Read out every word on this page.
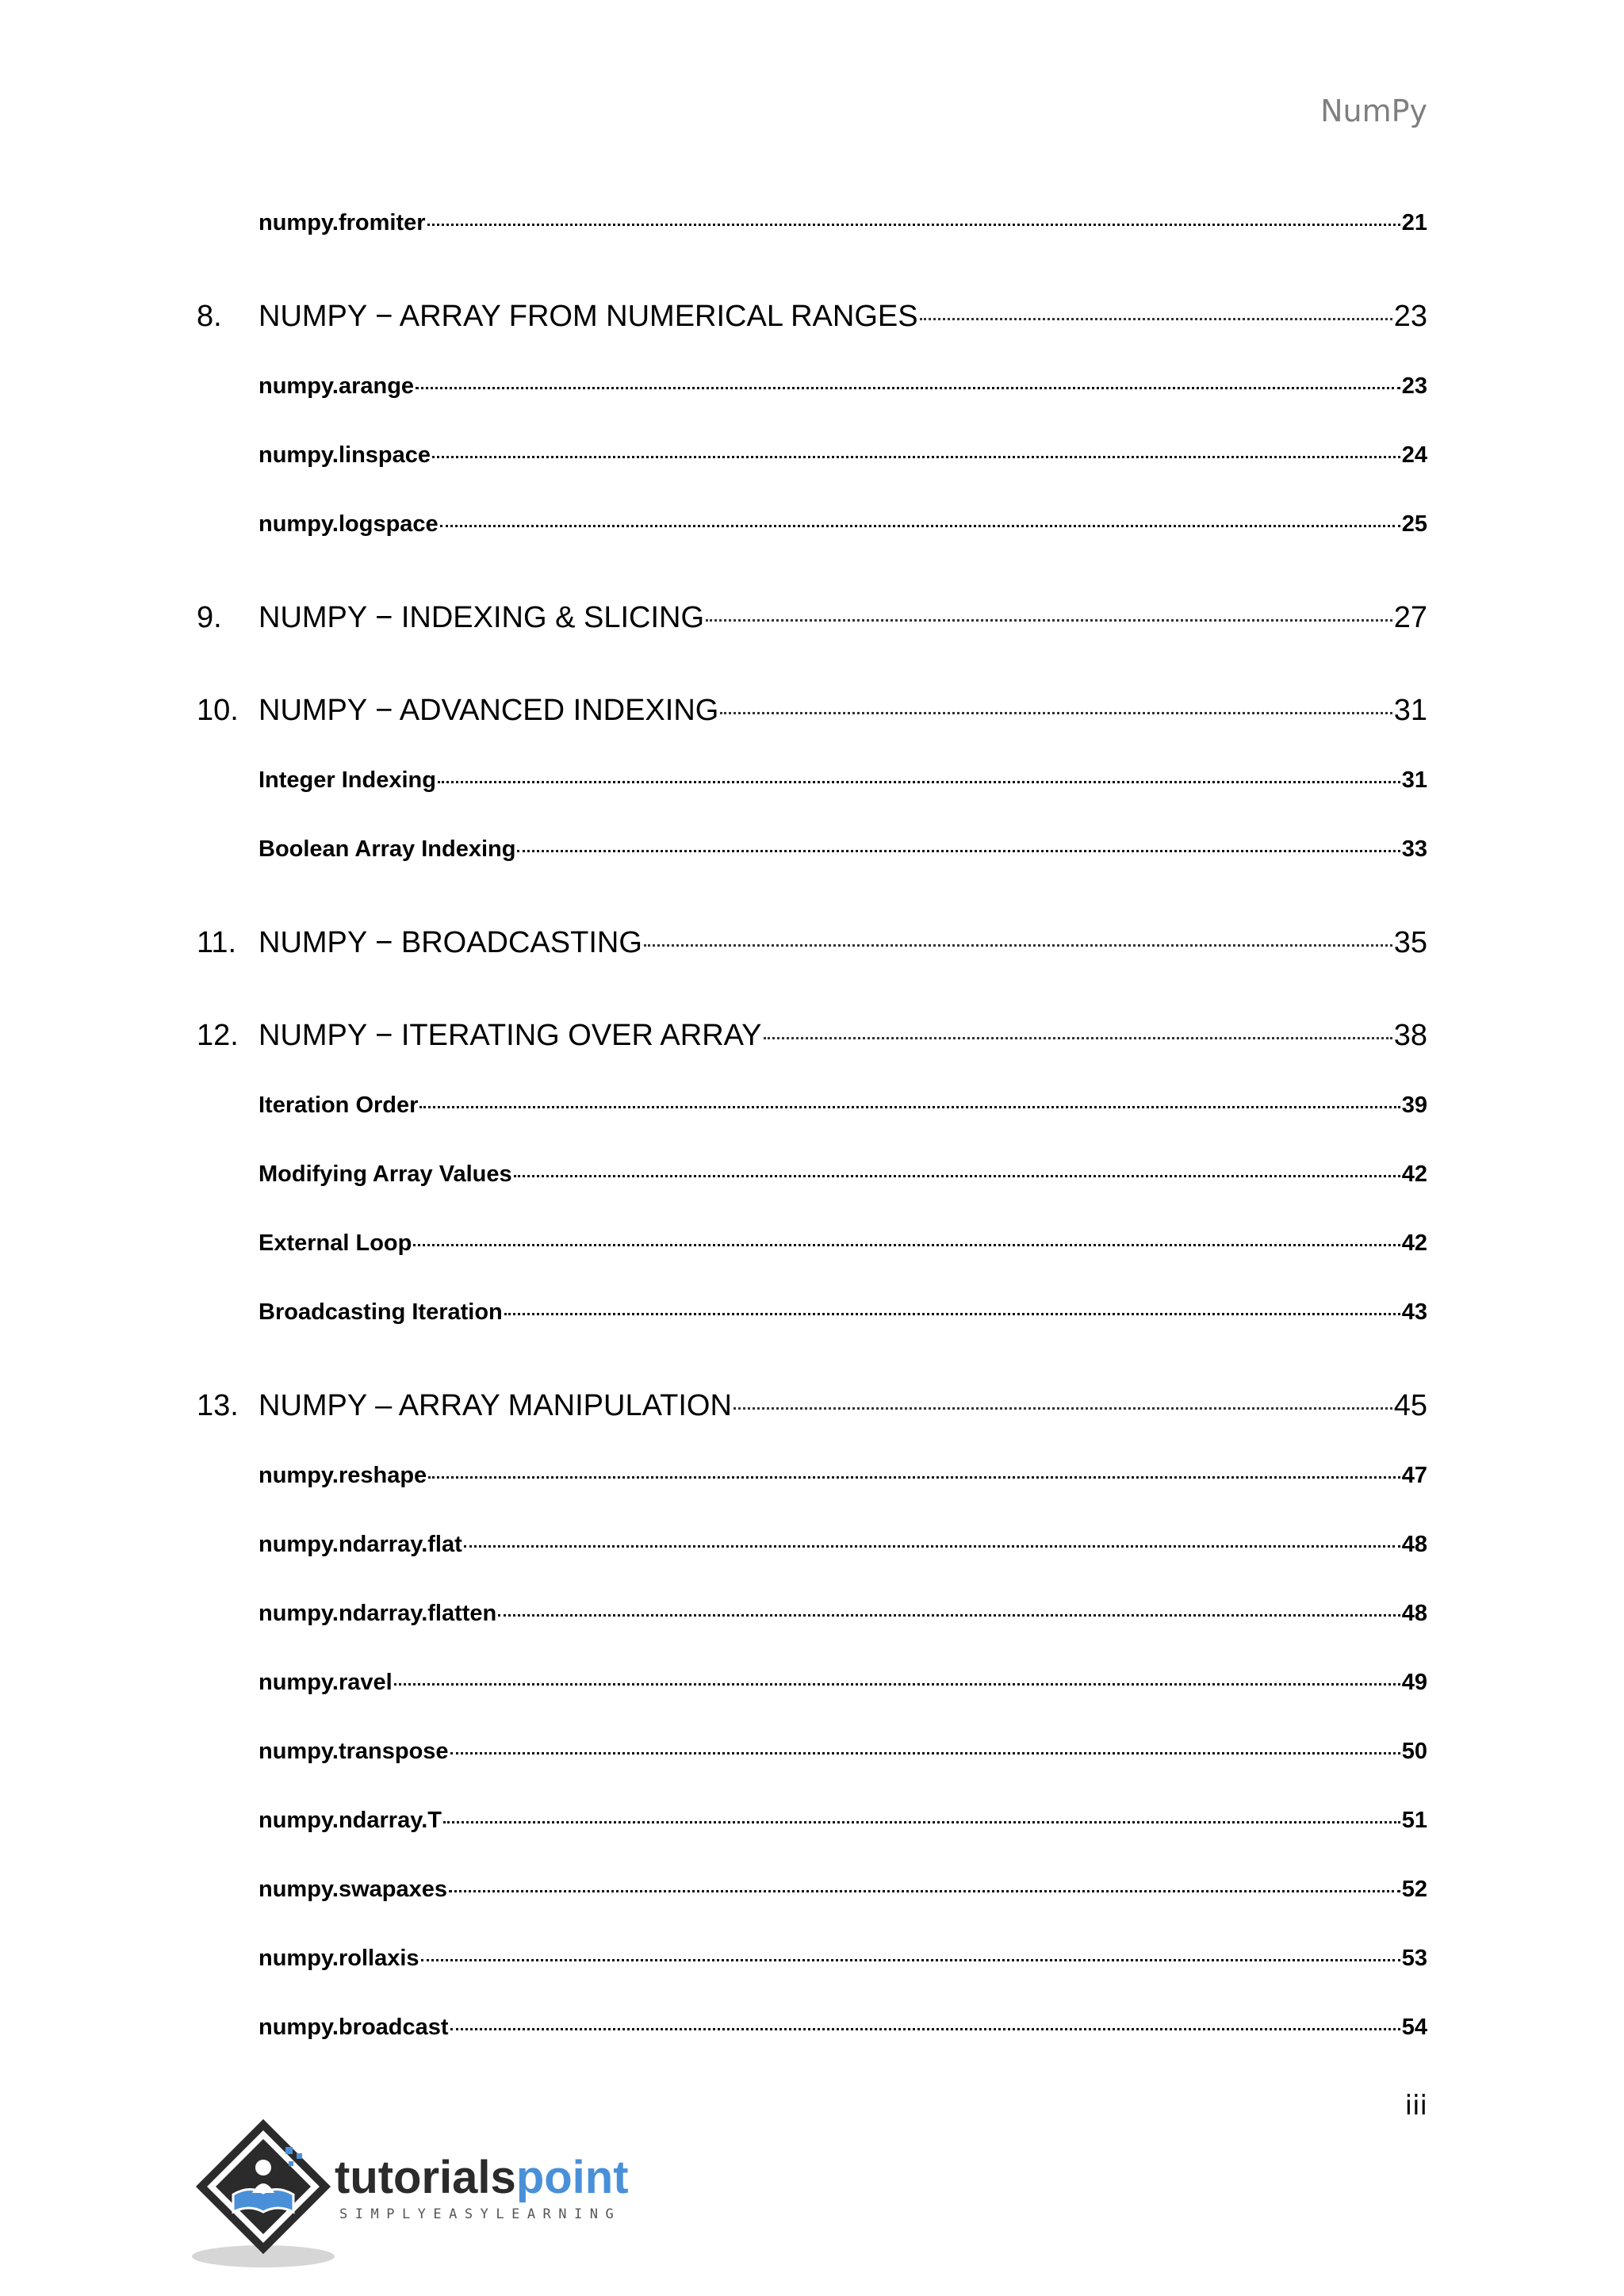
NumPy
numpy.fromiter	21
8.	NUMPY − ARRAY FROM NUMERICAL RANGES	23
numpy.arange	23
numpy.linspace	24
numpy.logspace	25
9.	NUMPY − INDEXING & SLICING	27
10. NUMPY − ADVANCED INDEXING	31
Integer Indexing	31
Boolean Array Indexing	33
11. NUMPY − BROADCASTING	35
12. NUMPY − ITERATING OVER ARRAY	38
Iteration Order	39
Modifying Array Values	42
External Loop	42
Broadcasting Iteration	43
13. NUMPY – ARRAY MANIPULATION	45
numpy.reshape	47
numpy.ndarray.flat	48
numpy.ndarray.flatten	48
numpy.ravel	49
numpy.transpose	50
numpy.ndarray.T	51
numpy.swapaxes	52
numpy.rollaxis	53
numpy.broadcast	54
iii
tutorialspoint
SIMPLYEASYLEARNING
